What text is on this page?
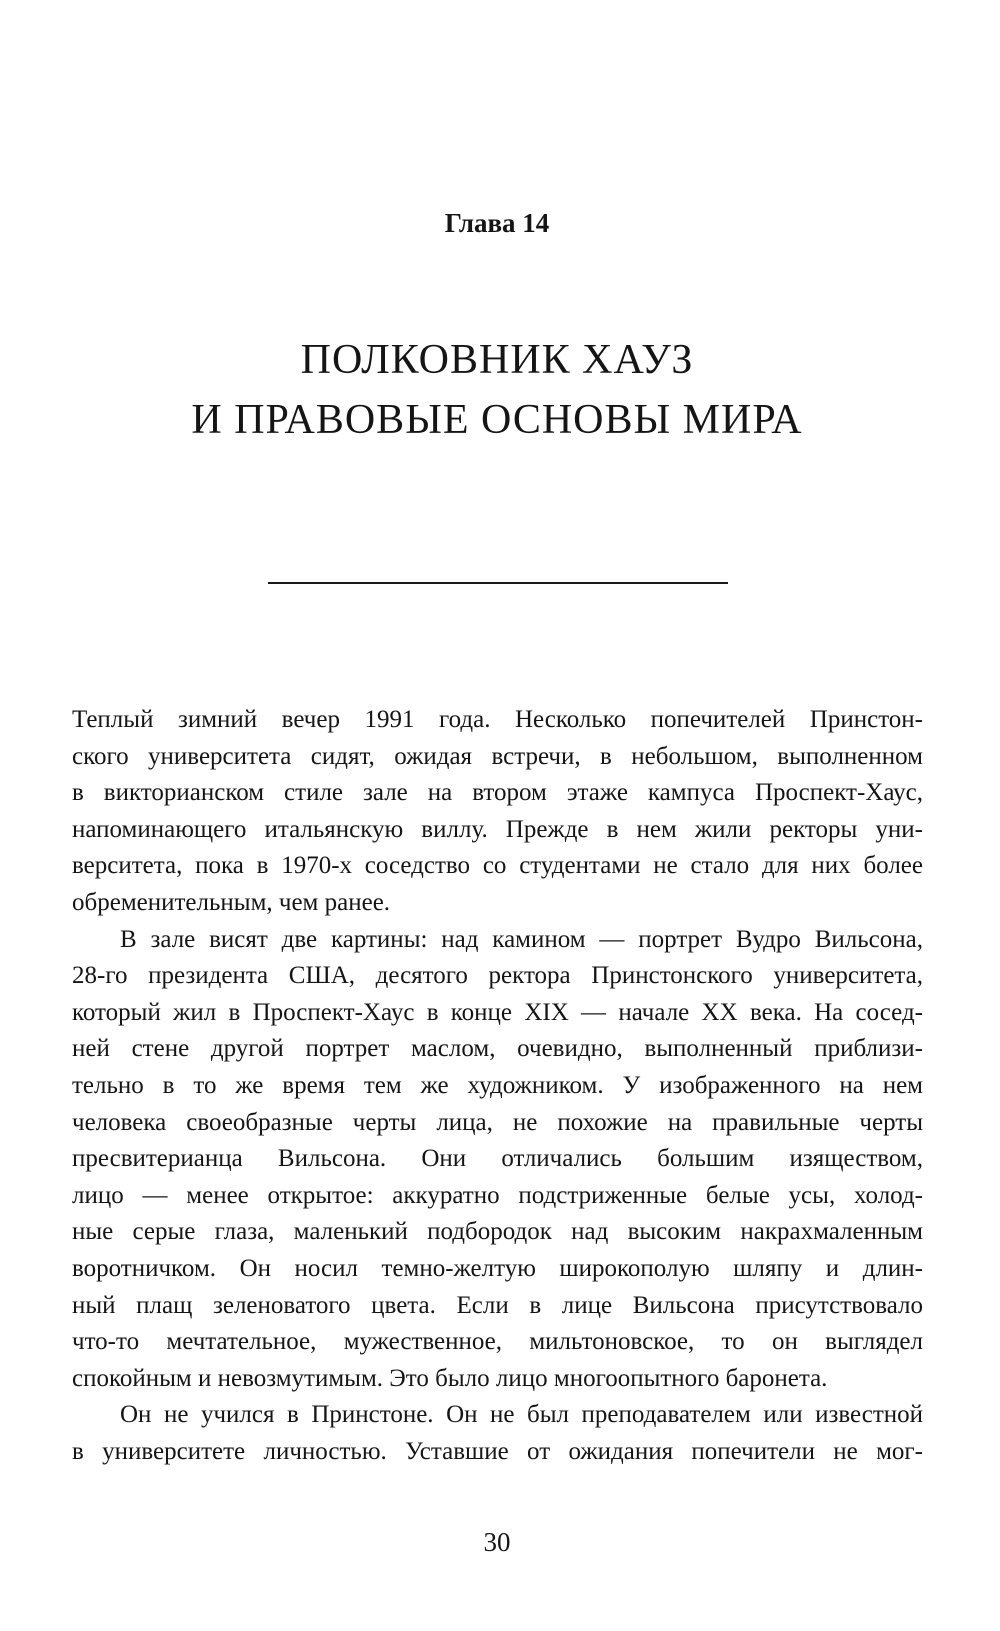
Глава 14
ПОЛКОВНИК ХАУЗ
И ПРАВОВЫЕ ОСНОВЫ МИРА
Теплый зимний вечер 1991 года. Несколько попечителей Принстон-
ского университета сидят, ожидая встречи, в небольшом, выполненном
в викторианском стиле зале на втором этаже кампуса Проспект-Хаус,
напоминающего итальянскую виллу. Прежде в нем жили ректоры уни-
верситета, пока в 1970-х соседство со студентами не стало для них более
обременительным, чем ранее.
В зале висят две картины: над камином — портрет Вудро Вильсона,
28-го президента США, десятого ректора Принстонского университета,
который жил в Проспект-Хаус в конце XIX — начале XX века. На сосед-
ней стене другой портрет маслом, очевидно, выполненный приблизи-
тельно в то же время тем же художником. У изображенного на нем
человека своеобразные черты лица, не похожие на правильные черты
пресвитерианца Вильсона. Они отличались большим изяществом,
лицо — менее открытое: аккуратно подстриженные белые усы, холод-
ные серые глаза, маленький подбородок над высоким накрахмаленным
воротничком. Он носил темно-желтую широкополую шляпу и длин-
ный плащ зеленоватого цвета. Если в лице Вильсона присутствовало
что-то мечтательное, мужественное, мильтоновское, то он выглядел
спокойным и невозмутимым. Это было лицо многоопытного баронета.
Он не учился в Принстоне. Он не был преподавателем или известной
в университете личностью. Уставшие от ожидания попечители не мог-
30
